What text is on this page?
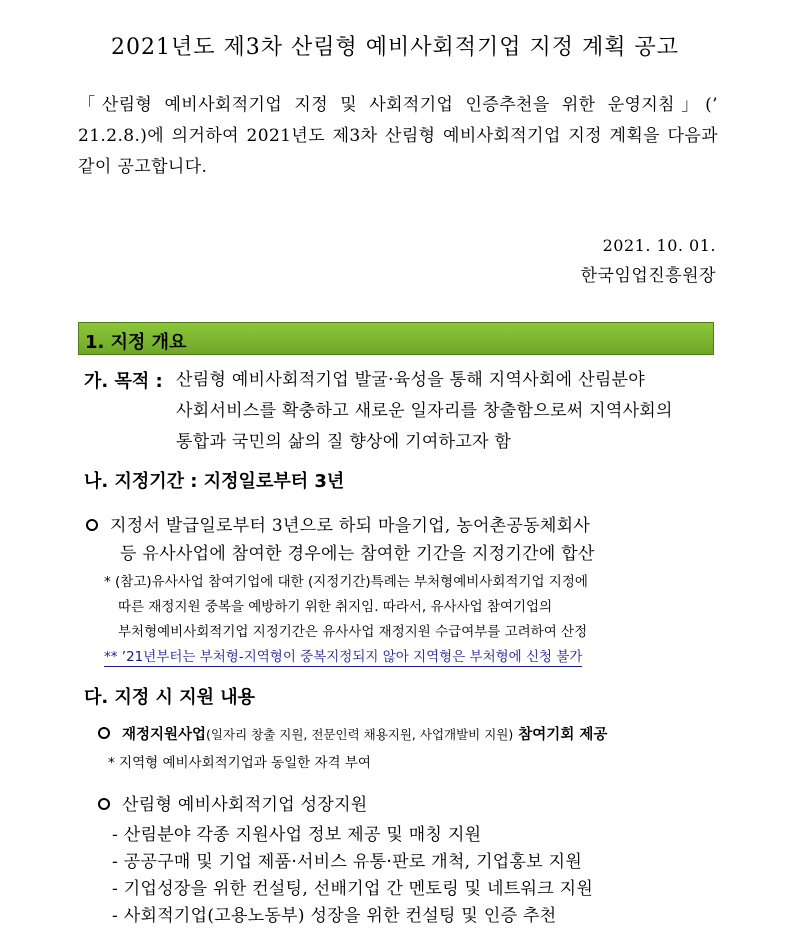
2021년도 제3차 산림형 예비사회적기업 지정 계획 공고
「산림형 예비사회적기업 지정 및 사회적기업 인증추천을 위한 운영지침」(’ 21.2.8.)에 의거하여 2021년도 제3차 산림형 예비사회적기업 지정 계획을 다음과 같이 공고합니다.
2021. 10. 01.
한국임업진흥원장
1. 지정 개요
가. 목적 : 산림형 예비사회적기업 발굴·육성을 통해 지역사회에 산림분야
사회서비스를 확충하고 새로운 일자리를 창출함으로써 지역사회의
통합과 국민의 삶의 질 향상에 기여하고자 함
나. 지정기간 : 지정일로부터 3년
지정서 발급일로부터 3년으로 하되 마을기업, 농어촌공동체회사
등 유사사업에 참여한 경우에는 참여한 기간을 지정기간에 합산
* (참고)유사사업 참여기업에 대한 (지정기간)특례는 부처형예비사회적기업 지정에
따른 재정지원 중복을 예방하기 위한 취지임. 따라서, 유사사업 참여기업의
부처형예비사회적기업 지정기간은 유사사업 재정지원 수급여부를 고려하여 산정
** ’21년부터는 부처형-지역형이 중복지정되지 않아 지역형은 부처형에 신청 불가
다. 지정 시 지원 내용
재정지원사업(일자리 창출 지원, 전문인력 채용지원, 사업개발비 지원) 참여기회 제공
* 지역형 예비사회적기업과 동일한 자격 부여
산림형 예비사회적기업 성장지원
- 산림분야 각종 지원사업 정보 제공 및 매칭 지원
- 공공구매 및 기업 제품·서비스 유통·판로 개척, 기업홍보 지원
- 기업성장을 위한 컨설팅, 선배기업 간 멘토링 및 네트워크 지원
- 사회적기업(고용노동부) 성장을 위한 컨설팅 및 인증 추천
